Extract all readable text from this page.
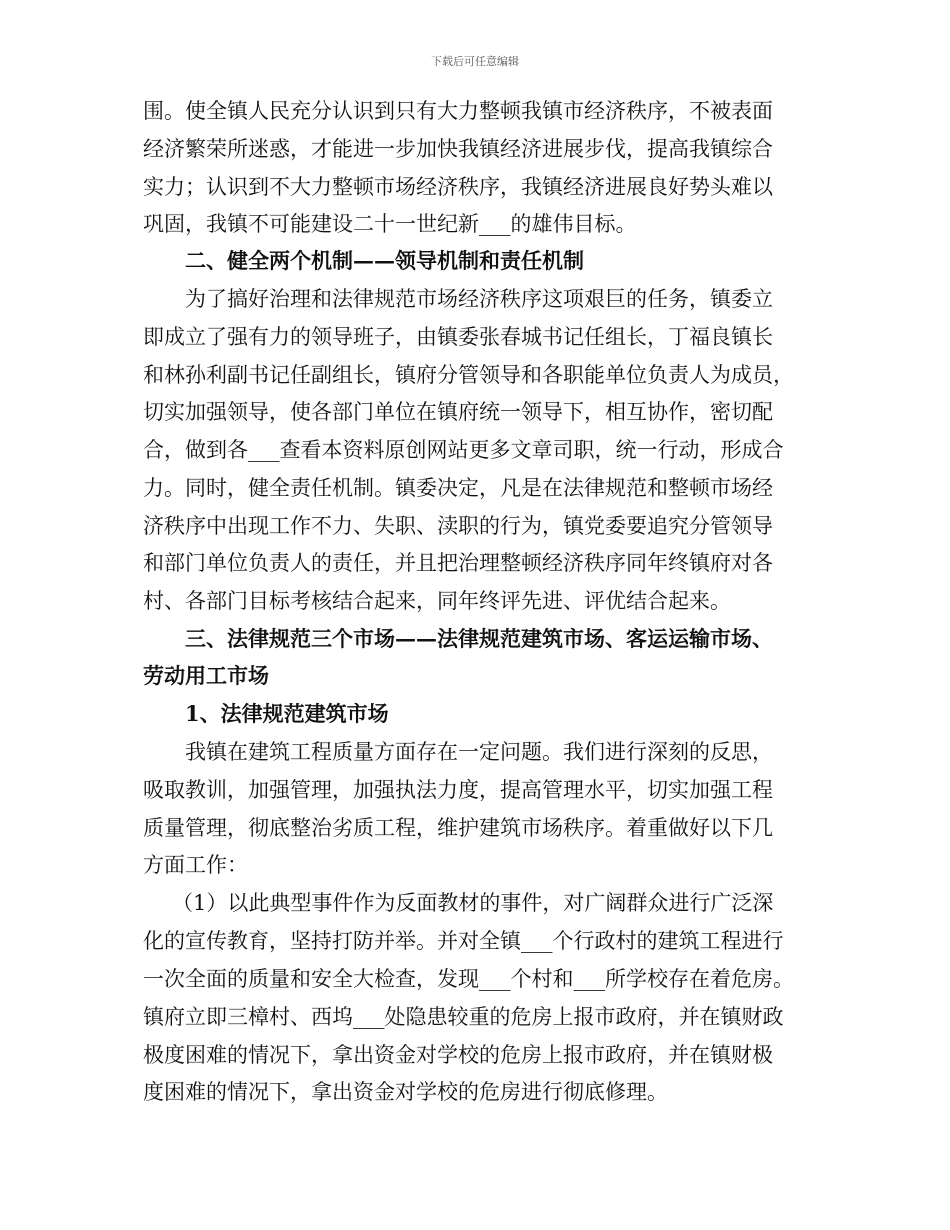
下载后可任意编辑
围。使全镇人民充分认识到只有大力整顿我镇市经济秩序，不被表面
经济繁荣所迷惑，才能进一步加快我镇经济进展步伐，提高我镇综合
实力；认识到不大力整顿市场经济秩序，我镇经济进展良好势头难以
巩固，我镇不可能建设二十一世纪新___的雄伟目标。
二、健全两个机制——领导机制和责任机制
为了搞好治理和法律规范市场经济秩序这项艰巨的任务，镇委立
即成立了强有力的领导班子，由镇委张春城书记任组长，丁福良镇长
和林孙利副书记任副组长，镇府分管领导和各职能单位负责人为成员，
切实加强领导，使各部门单位在镇府统一领导下，相互协作，密切配
合，做到各___查看本资料原创网站更多文章司职，统一行动，形成合
力。同时，健全责任机制。镇委决定，凡是在法律规范和整顿市场经
济秩序中出现工作不力、失职、渎职的行为，镇党委要追究分管领导
和部门单位负责人的责任，并且把治理整顿经济秩序同年终镇府对各
村、各部门目标考核结合起来，同年终评先进、评优结合起来。
三、法律规范三个市场——法律规范建筑市场、客运运输市场、
劳动用工市场
1、法律规范建筑市场
我镇在建筑工程质量方面存在一定问题。我们进行深刻的反思，
吸取教训，加强管理，加强执法力度，提高管理水平，切实加强工程
质量管理，彻底整治劣质工程，维护建筑市场秩序。着重做好以下几
方面工作：
（1）以此典型事件作为反面教材的事件，对广阔群众进行广泛深
化的宣传教育，坚持打防并举。并对全镇___个行政村的建筑工程进行
一次全面的质量和安全大检查，发现___个村和___所学校存在着危房。
镇府立即三樟村、西坞___处隐患较重的危房上报市政府，并在镇财政
极度困难的情况下，拿出资金对学校的危房上报市政府，并在镇财极
度困难的情况下，拿出资金对学校的危房进行彻底修理。
